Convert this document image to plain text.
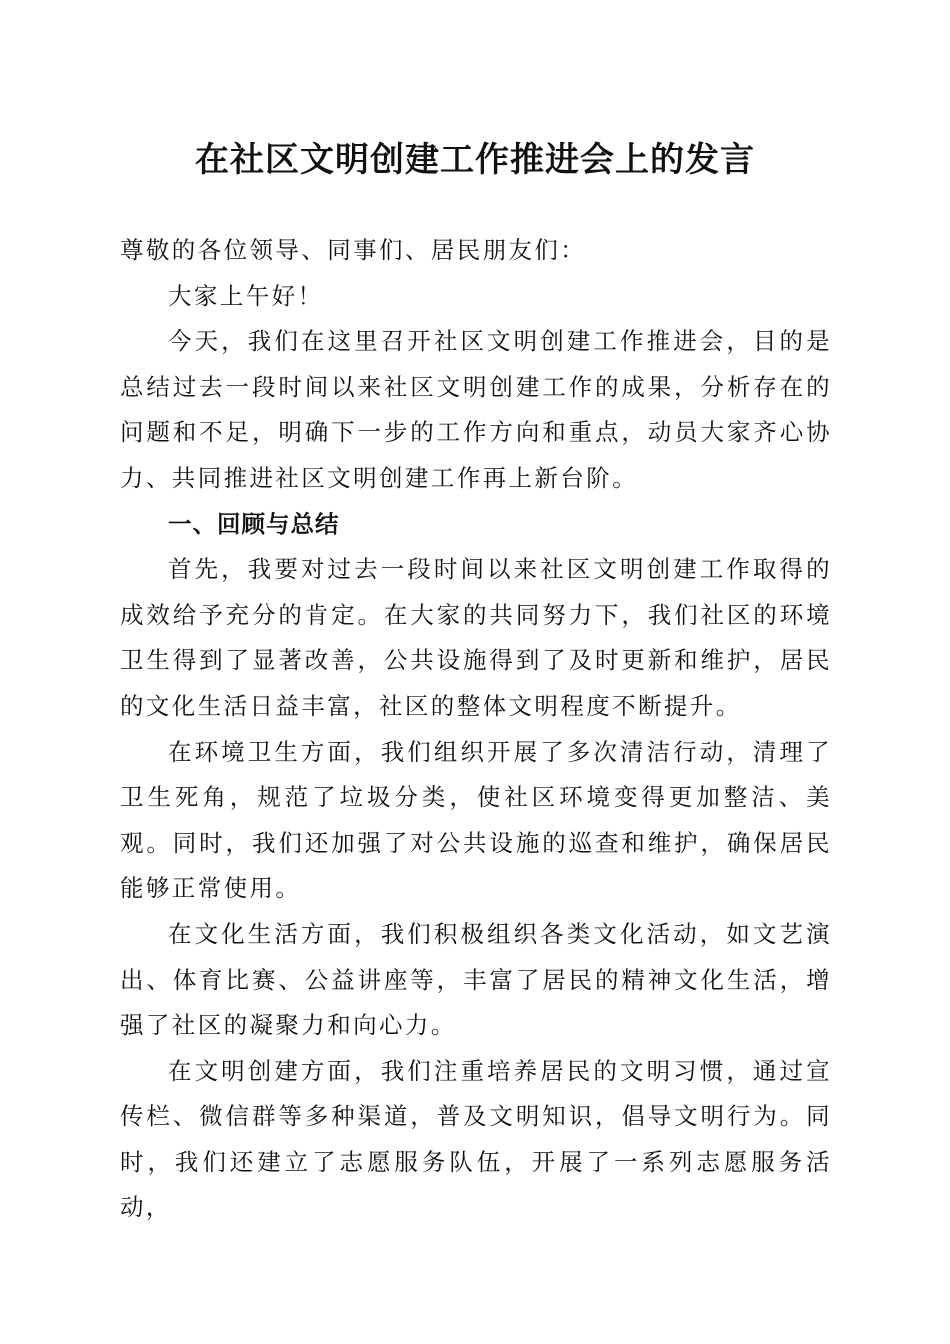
在社区文明创建工作推进会上的发言

尊敬的各位领导、同事们、居民朋友们：

大家上午好！

今天，我们在这里召开社区文明创建工作推进会，目的是总结过去一段时间以来社区文明创建工作的成果，分析存在的问题和不足，明确下一步的工作方向和重点，动员大家齐心协力、共同推进社区文明创建工作再上新台阶。

一、回顾与总结

首先，我要对过去一段时间以来社区文明创建工作取得的成效给予充分的肯定。在大家的共同努力下，我们社区的环境卫生得到了显著改善，公共设施得到了及时更新和维护，居民的文化生活日益丰富，社区的整体文明程度不断提升。

在环境卫生方面，我们组织开展了多次清洁行动，清理了卫生死角，规范了垃圾分类，使社区环境变得更加整洁、美观。同时，我们还加强了对公共设施的巡查和维护，确保居民能够正常使用。

在文化生活方面，我们积极组织各类文化活动，如文艺演出、体育比赛、公益讲座等，丰富了居民的精神文化生活，增强了社区的凝聚力和向心力。

在文明创建方面，我们注重培养居民的文明习惯，通过宣传栏、微信群等多种渠道，普及文明知识，倡导文明行为。同时，我们还建立了志愿服务队伍，开展了一系列志愿服务活动，
